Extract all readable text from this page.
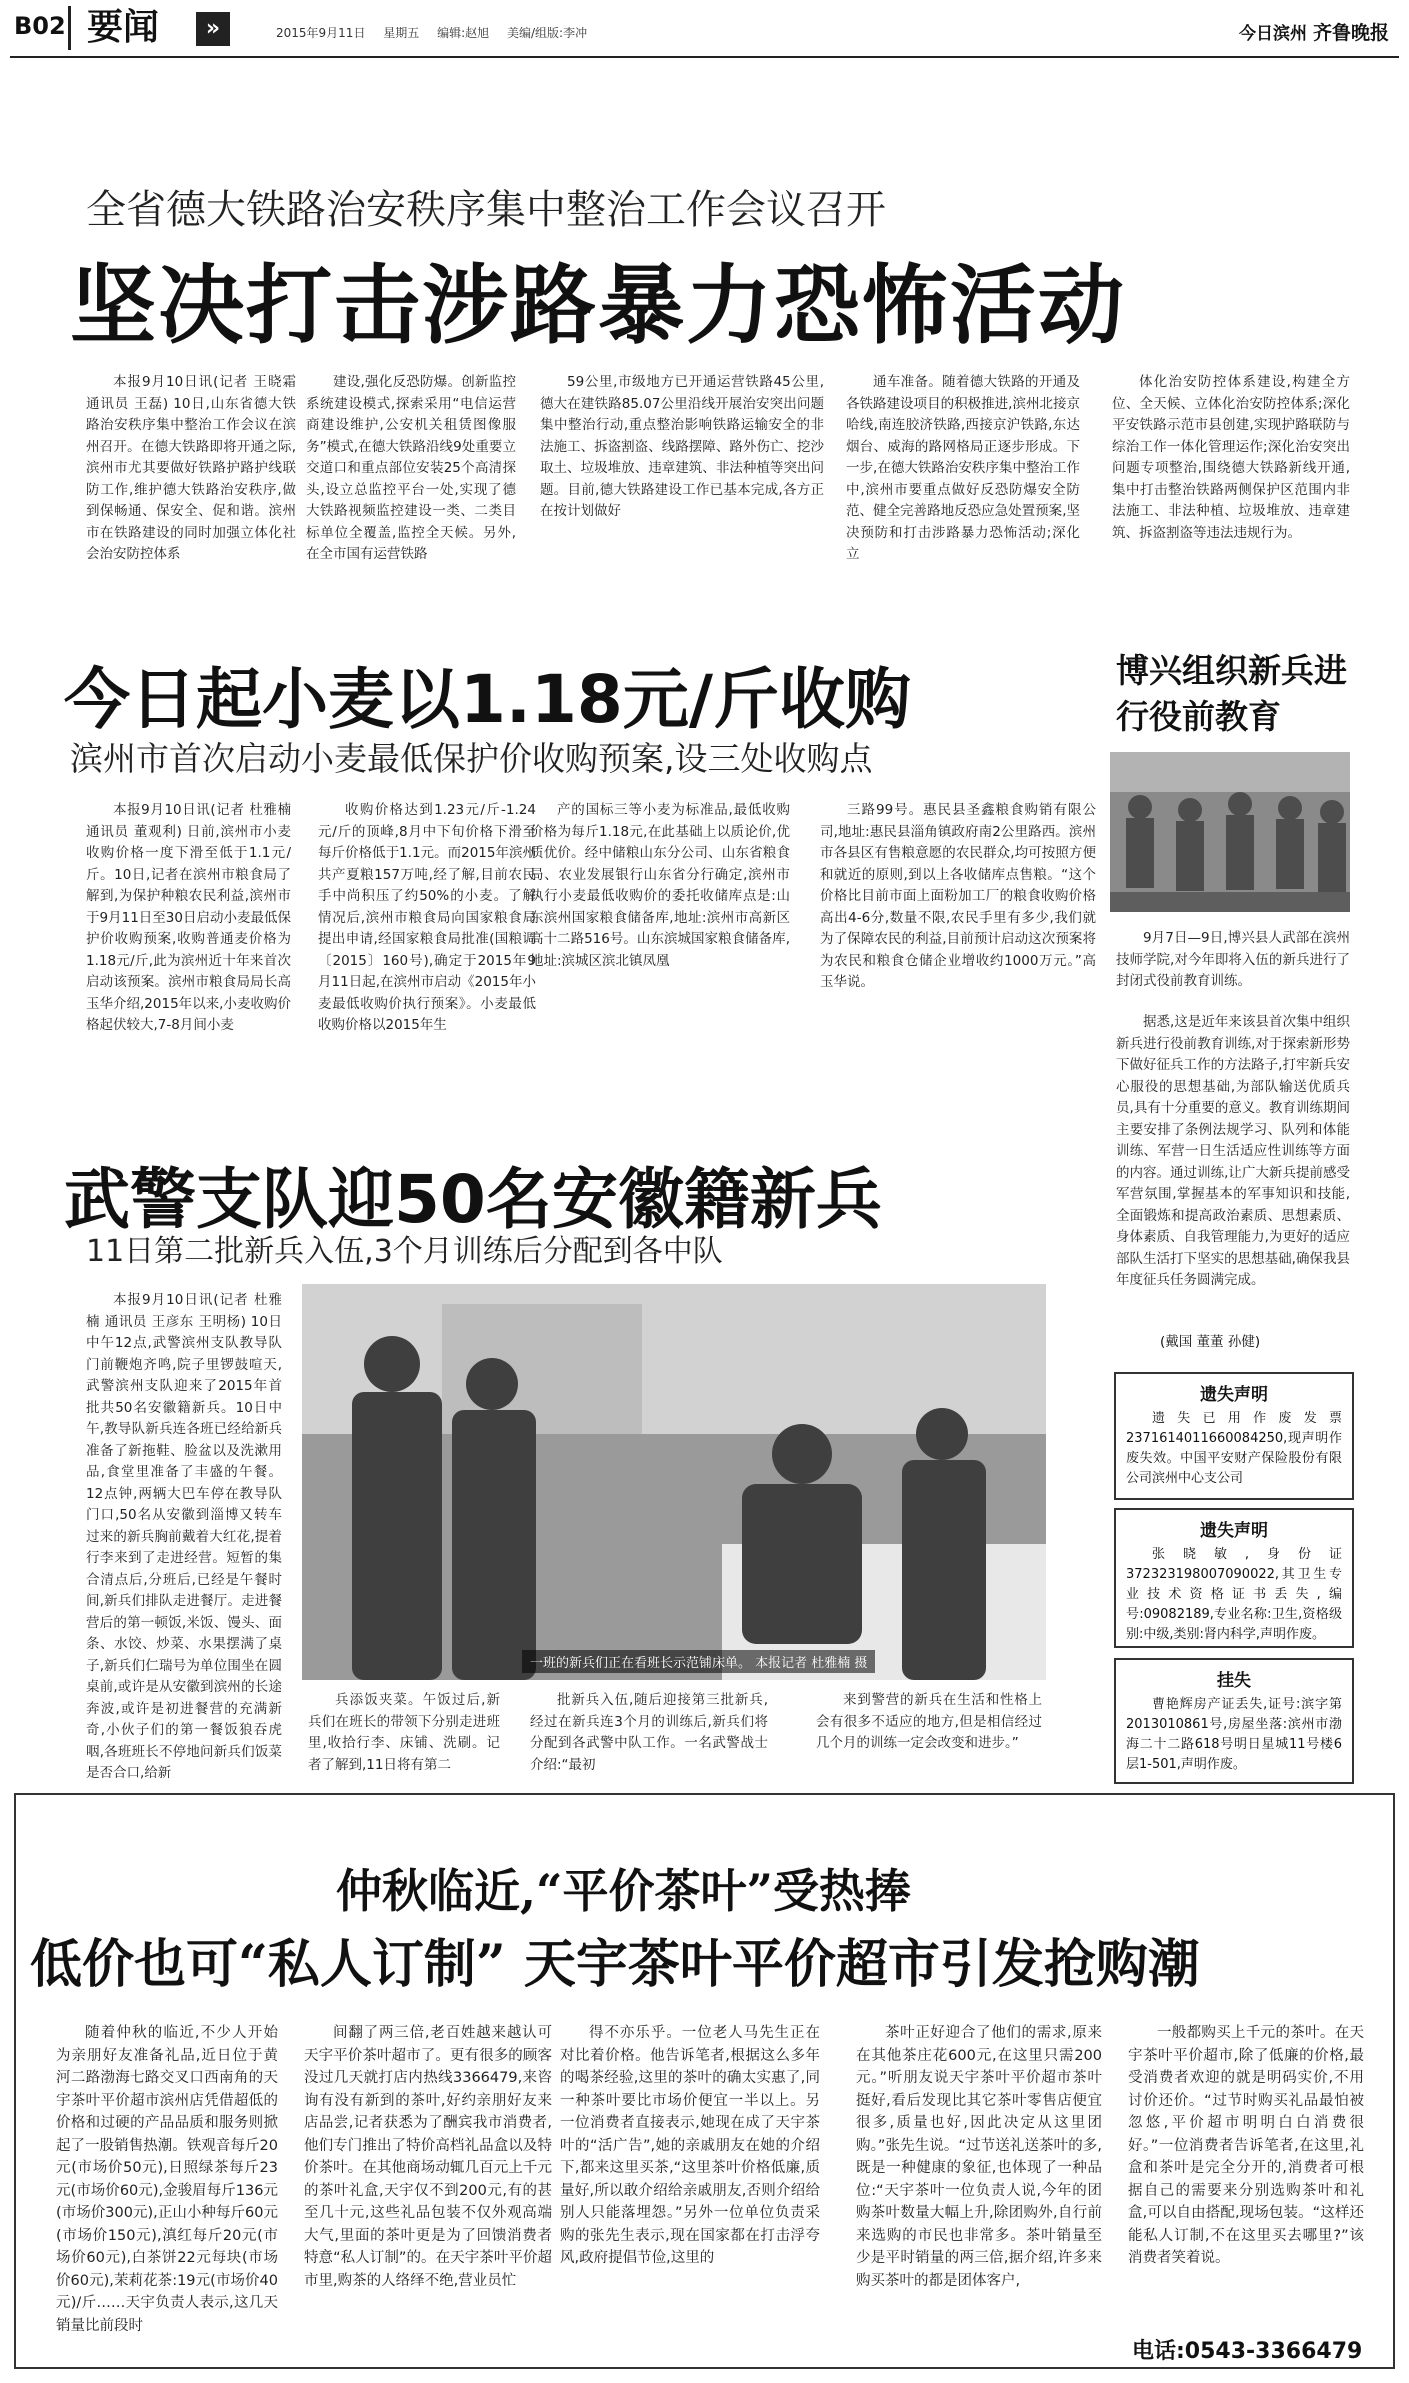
B02 要闻	»	2015年9月11日 星期五 编辑:赵旭 美编/组版:李冲	今日滨州 齐鲁晚报
全省德大铁路治安秩序集中整治工作会议召开
坚决打击涉路暴力恐怖活动
本报9月10日讯(记者 王晓霜 通讯员 王磊) 10日,山东省德大铁路治安秩序集中整治工作会议在滨州召开。在德大铁路即将开通之际,滨州市尤其要做好铁路护路护线联防工作,维护德大铁路治安秩序,做到保畅通、保安全、促和谐。滨州市在铁路建设的同时加强立体化社会治安防控体系
建设,强化反恐防爆。创新监控系统建设模式,探索采用“电信运营商建设维护,公安机关租赁图像服务”模式,在德大铁路沿线9处重要立交道口和重点部位安装25个高清探头,设立总监控平台一处,实现了德大铁路视频监控建设一类、二类目标单位全覆盖,监控全天候。另外,在全市国有运营铁路
59公里,市级地方已开通运营铁路45公里,德大在建铁路85.07公里沿线开展治安突出问题集中整治行动,重点整治影响铁路运输安全的非法施工、拆盗割盗、线路摆障、路外伤亡、挖沙取土、垃圾堆放、违章建筑、非法种植等突出问题。目前,德大铁路建设工作已基本完成,各方正在按计划做好
通车准备。随着德大铁路的开通及各铁路建设项目的积极推进,滨州北接京哈线,南连胶济铁路,西接京沪铁路,东达烟台、威海的路网格局正逐步形成。下一步,在德大铁路治安秩序集中整治工作中,滨州市要重点做好反恐防爆安全防范、健全完善路地反恐应急处置预案,坚决预防和打击涉路暴力恐怖活动;深化立
体化治安防控体系建设,构建全方位、全天候、立体化治安防控体系;深化平安铁路示范市县创建,实现护路联防与综治工作一体化管理运作;深化治安突出问题专项整治,围绕德大铁路新线开通,集中打击整治铁路两侧保护区范围内非法施工、非法种植、垃圾堆放、违章建筑、拆盗割盗等违法违规行为。
今日起小麦以1.18元/斤收购
滨州市首次启动小麦最低保护价收购预案,设三处收购点
本报9月10日讯(记者 杜雅楠 通讯员 董观利) 日前,滨州市小麦收购价格一度下滑至低于1.1元/斤。10日,记者在滨州市粮食局了解到,为保护种粮农民利益,滨州市于9月11日至30日启动小麦最低保护价收购预案,收购普通麦价格为1.18元/斤,此为滨州近十年来首次启动该预案。滨州市粮食局局长高玉华介绍,2015年以来,小麦收购价格起伏较大,7-8月间小麦
收购价格达到1.23元/斤-1.24元/斤的顶峰,8月中下旬价格下滑至每斤价格低于1.1元。而2015年滨州共产夏粮157万吨,经了解,目前农民手中尚积压了约50%的小麦。了解情况后,滨州市粮食局向国家粮食局提出申请,经国家粮食局批准(国粮调〔2015〕160号),确定于2015年9月11日起,在滨州市启动《2015年小麦最低收购价执行预案》。小麦最低收购价格以2015年生
产的国标三等小麦为标准品,最低收购价格为每斤1.18元,在此基础上以质论价,优质优价。经中储粮山东分公司、山东省粮食局、农业发展银行山东省分行确定,滨州市执行小麦最低收购价的委托收储库点是:山东滨州国家粮食储备库,地址:滨州市高新区高十二路516号。山东滨城国家粮食储备库,地址:滨城区滨北镇凤凰
三路99号。惠民县圣鑫粮食购销有限公司,地址:惠民县淄角镇政府南2公里路西。滨州市各县区有售粮意愿的农民群众,均可按照方便和就近的原则,到以上各收储库点售粮。“这个价格比目前市面上面粉加工厂的粮食收购价格高出4-6分,数量不限,农民手里有多少,我们就为了保障农民的利益,目前预计启动这次预案将为农民和粮食仓储企业增收约1000万元。”高玉华说。
博兴组织新兵进行役前教育
9月7日—9日,博兴县人武部在滨州技师学院,对今年即将入伍的新兵进行了封闭式役前教育训练。
据悉,这是近年来该县首次集中组织新兵进行役前教育训练,对于探索新形势下做好征兵工作的方法路子,打牢新兵安心服役的思想基础,为部队输送优质兵员,具有十分重要的意义。教育训练期间主要安排了条例法规学习、队列和体能训练、军营一日生活适应性训练等方面的内容。通过训练,让广大新兵提前感受军营氛围,掌握基本的军事知识和技能,全面锻炼和提高政治素质、思想素质、身体素质、自我管理能力,为更好的适应部队生活打下坚实的思想基础,确保我县年度征兵任务圆满完成。
(戴国 董董 孙健)
武警支队迎50名安徽籍新兵
11日第二批新兵入伍,3个月训练后分配到各中队
本报9月10日讯(记者 杜雅楠 通讯员 王彦东 王明杨) 10日中午12点,武警滨州支队教导队门前鞭炮齐鸣,院子里锣鼓喧天,武警滨州支队迎来了2015年首批共50名安徽籍新兵。10日中午,教导队新兵连各班已经给新兵准备了新拖鞋、脸盆以及洗漱用品,食堂里准备了丰盛的午餐。12点钟,两辆大巴车停在教导队门口,50名从安徽到淄博又转车过来的新兵胸前戴着大红花,提着行李来到了走进经营。短暂的集合清点后,分班后,已经是午餐时间,新兵们排队走进餐厅。走进餐营后的第一顿饭,米饭、馒头、面条、水饺、炒菜、水果摆满了桌子,新兵们仁瑞号为单位围坐在圆桌前,或许是从安徽到滨州的长途奔波,或许是初进餐营的充满新奇,小伙子们的第一餐饭狼吞虎咽,各班班长不停地问新兵们饭菜是否合口,给新
一班的新兵们正在看班长示范铺床单。 本报记者 杜雅楠 摄
兵添饭夹菜。午饭过后,新兵们在班长的带领下分别走进班里,收拾行李、床铺、洗刷。记者了解到,11日将有第二
批新兵入伍,随后迎接第三批新兵,经过在新兵连3个月的训练后,新兵们将分配到各武警中队工作。一名武警战士介绍:“最初
来到警营的新兵在生活和性格上会有很多不适应的地方,但是相信经过几个月的训练一定会改变和进步。”
遗失声明
遗失已用作废发票2371614011660084250,现声明作废失效。中国平安财产保险股份有限公司滨州中心支公司
遗失声明
张晓敏,身份证372323198007090022,其卫生专业技术资格证书丢失,编号:09082189,专业名称:卫生,资格级别:中级,类别:肾内科学,声明作废。
挂失
曹艳辉房产证丢失,证号:滨字第2013010861号,房屋坐落:滨州市渤海二十二路618号明日星城11号楼6层1-501,声明作废。
仲秋临近,“平价茶叶”受热捧
低价也可“私人订制” 天宇茶叶平价超市引发抢购潮
随着仲秋的临近,不少人开始为亲朋好友准备礼品,近日位于黄河二路渤海七路交叉口西南角的天宇茶叶平价超市滨州店凭借超低的价格和过硬的产品品质和服务则掀起了一股销售热潮。铁观音每斤20元(市场价50元),日照绿茶每斤23元(市场价60元),金骏眉每斤136元(市场价300元),正山小种每斤60元(市场价150元),滇红每斤20元(市场价60元),白茶饼22元每块(市场价60元),茉莉花茶:19元(市场价40元)/斤……天宇负责人表示,这几天销量比前段时
间翻了两三倍,老百姓越来越认可天宇平价茶叶超市了。更有很多的顾客没过几天就打店内热线3366479,来咨询有没有新到的茶叶,好约亲朋好友来店品尝,记者获悉为了酬宾我市消费者,他们专门推出了特价高档礼品盒以及特价茶叶。在其他商场动辄几百元上千元的茶叶礼盒,天宇仅不到200元,有的甚至几十元,这些礼品包装不仅外观高端大气,里面的茶叶更是为了回馈消费者特意“私人订制”的。在天宇茶叶平价超市里,购茶的人络绎不绝,营业员忙
得不亦乐乎。一位老人马先生正在对比着价格。他告诉笔者,根据这么多年的喝茶经验,这里的茶叶的确太实惠了,同一种茶叶要比市场价便宜一半以上。另一位消费者直接表示,她现在成了天宇茶叶的“活广告”,她的亲戚朋友在她的介绍下,都来这里买茶,“这里茶叶价格低廉,质量好,所以敢介绍给亲戚朋友,否则介绍给别人只能落埋怨。”另外一位单位负责采购的张先生表示,现在国家都在打击浮夸风,政府提倡节俭,这里的
茶叶正好迎合了他们的需求,原来在其他茶庄花600元,在这里只需200元。”听朋友说天宇茶叶平价超市茶叶挺好,看后发现比其它茶叶零售店便宜很多,质量也好,因此决定从这里团购。”张先生说。“过节送礼送茶叶的多,既是一种健康的象征,也体现了一种品位:“天宇茶叶一位负责人说,今年的团购茶叶数量大幅上升,除团购外,自行前来选购的市民也非常多。茶叶销量至少是平时销量的两三倍,据介绍,许多来购买茶叶的都是团体客户,
一般都购买上千元的茶叶。在天宇茶叶平价超市,除了低廉的价格,最受消费者欢迎的就是明码实价,不用讨价还价。“过节时购买礼品最怕被忽悠,平价超市明明白白消费很好。”一位消费者告诉笔者,在这里,礼盒和茶叶是完全分开的,消费者可根据自己的需要来分别选购茶叶和礼盒,可以自由搭配,现场包装。“这样还能私人订制,不在这里买去哪里?”该消费者笑着说。
电话:0543-3366479
